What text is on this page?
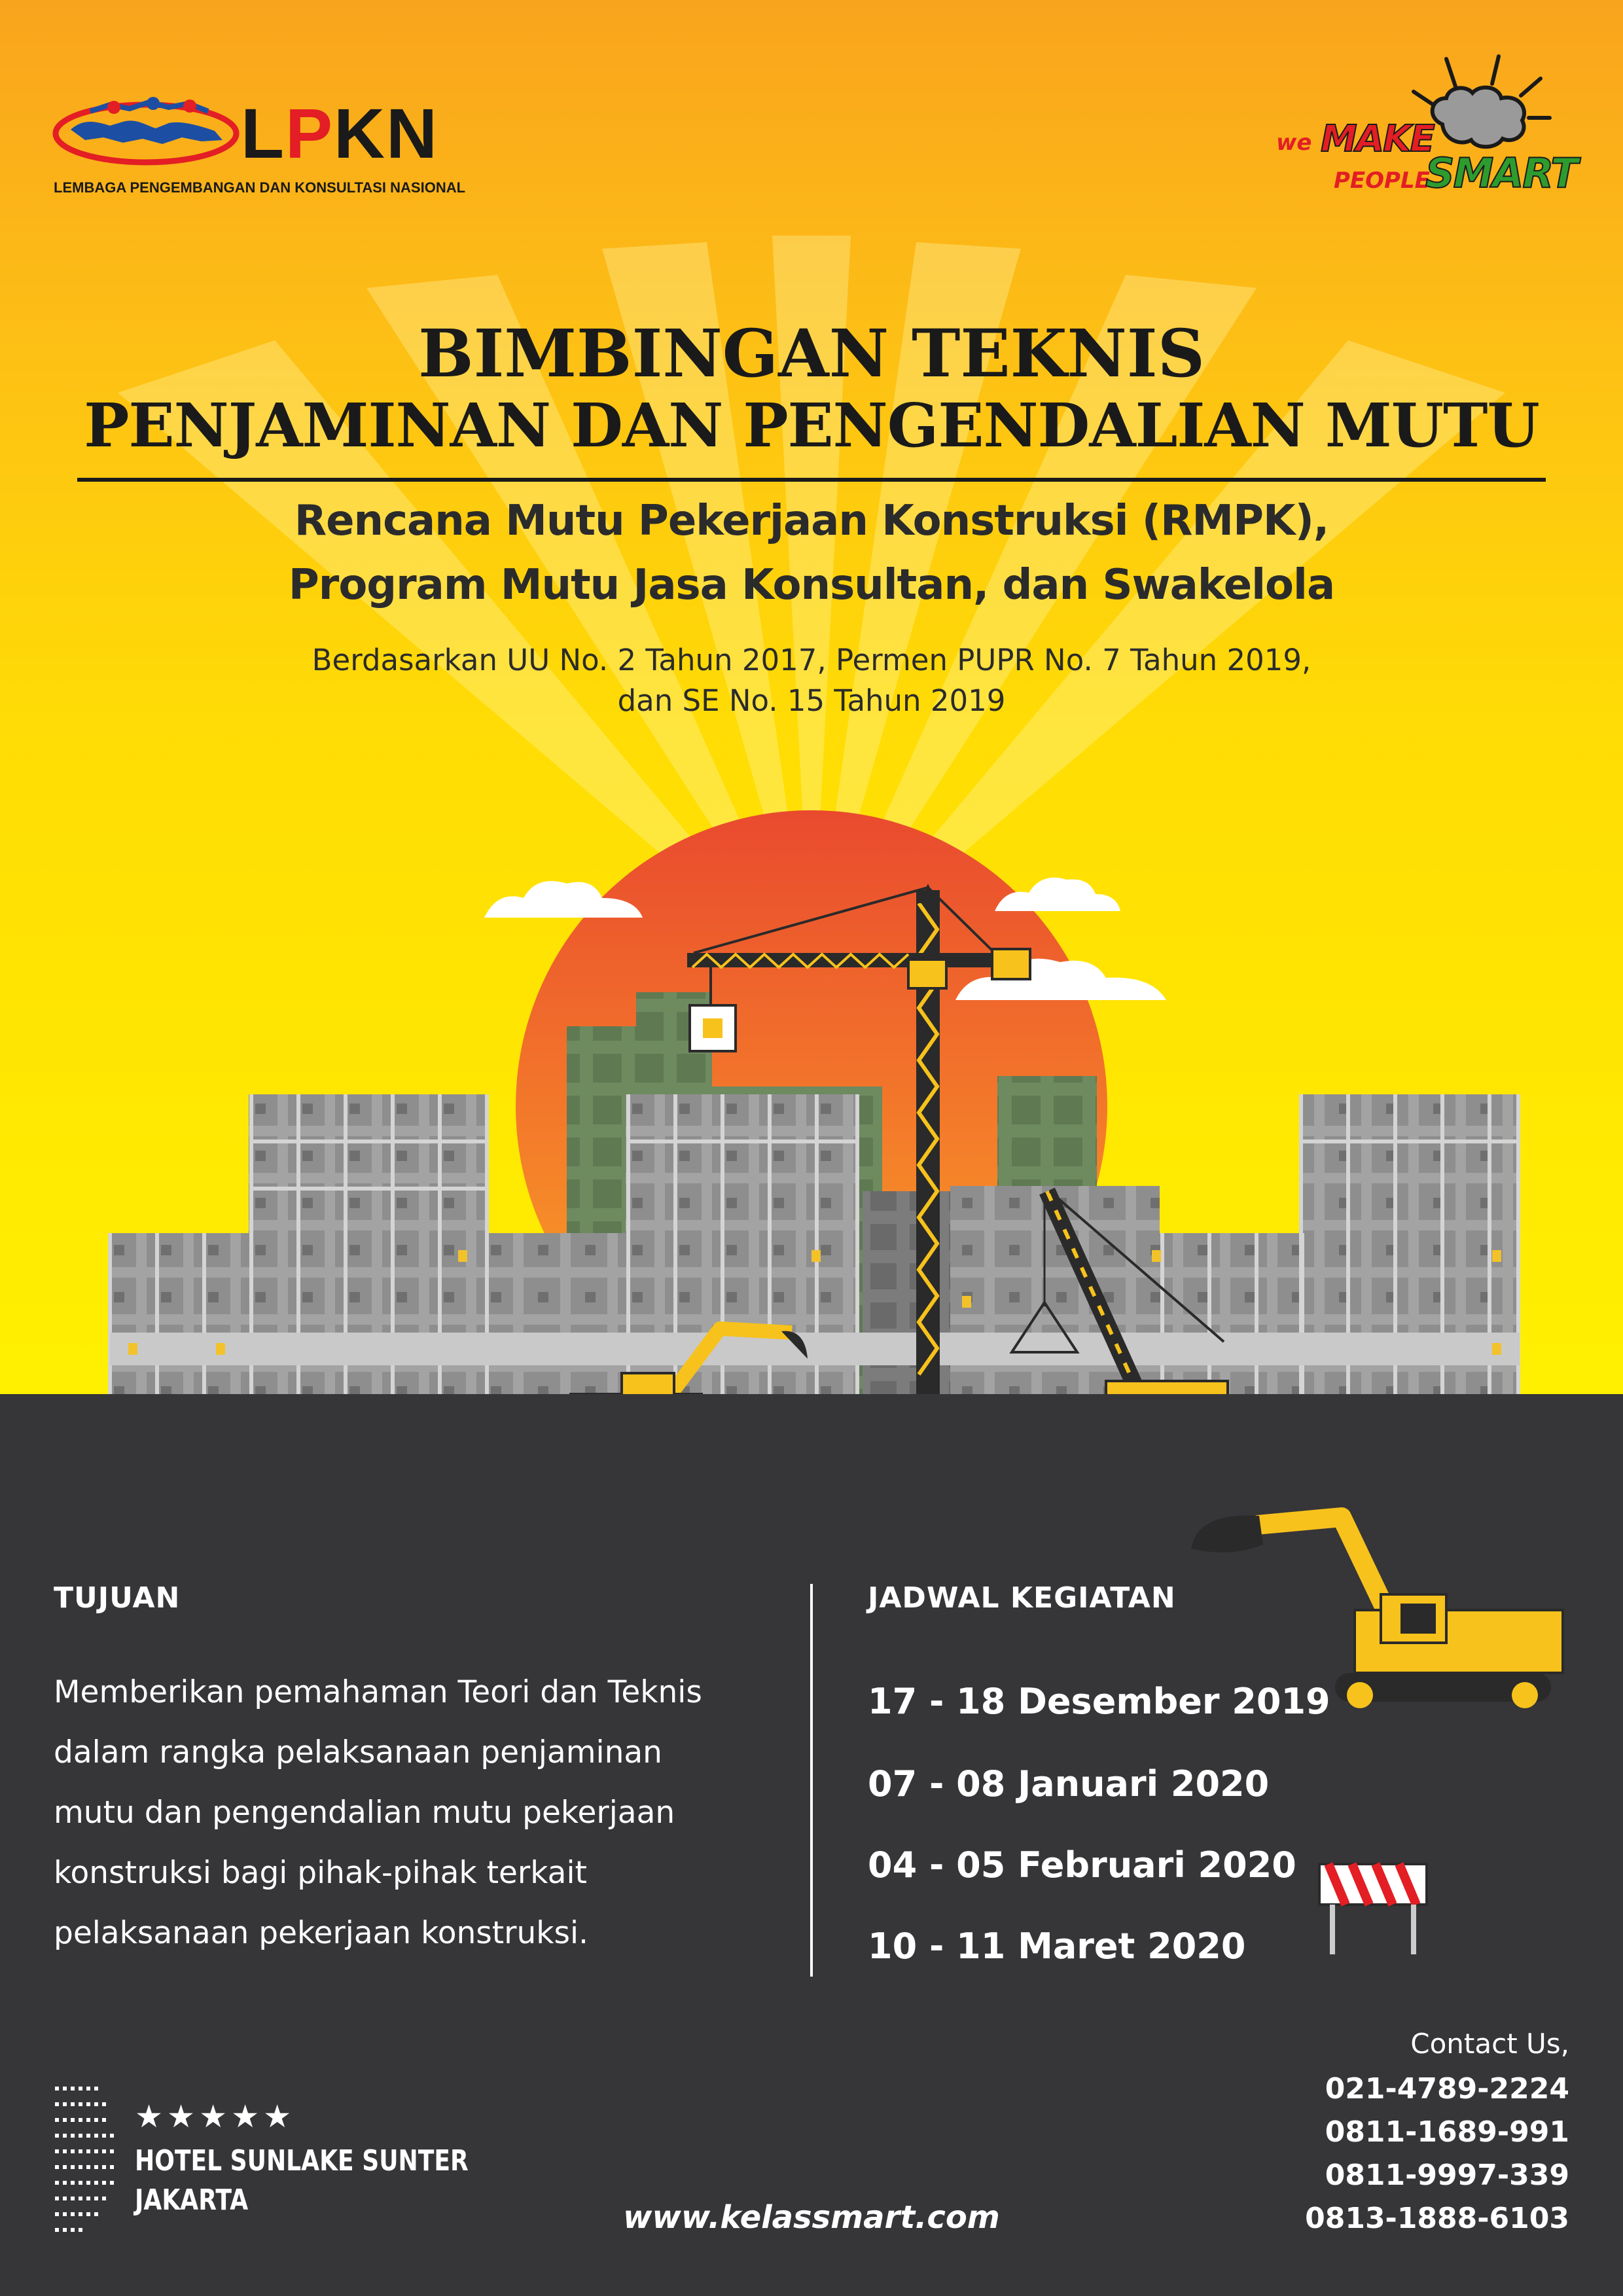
LPKN
LEMBAGA PENGEMBANGAN DAN KONSULTASI NASIONAL
we MAKE
PEOPLE
SMART
BIMBINGAN TEKNIS
PENJAMINAN DAN PENGENDALIAN MUTU
Rencana Mutu Pekerjaan Konstruksi (RMPK),
Program Mutu Jasa Konsultan, dan Swakelola
Berdasarkan UU No. 2 Tahun 2017, Permen PUPR No. 7 Tahun 2019,
dan SE No. 15 Tahun 2019
TUJUAN
Memberikan pemahaman Teori dan Teknis
dalam rangka pelaksanaan penjaminan
mutu dan pengendalian mutu pekerjaan
konstruksi bagi pihak-pihak terkait
pelaksanaan pekerjaan konstruksi.
JADWAL KEGIATAN
17 - 18 Desember 2019
07 - 08 Januari 2020
04 - 05 Februari 2020
10 - 11 Maret 2020
★★★★★
HOTEL SUNLAKE SUNTER
JAKARTA	www.kelassmart.com
Contact Us,
021-4789-2224
0811-1689-991
0811-9997-339
0813-1888-6103
